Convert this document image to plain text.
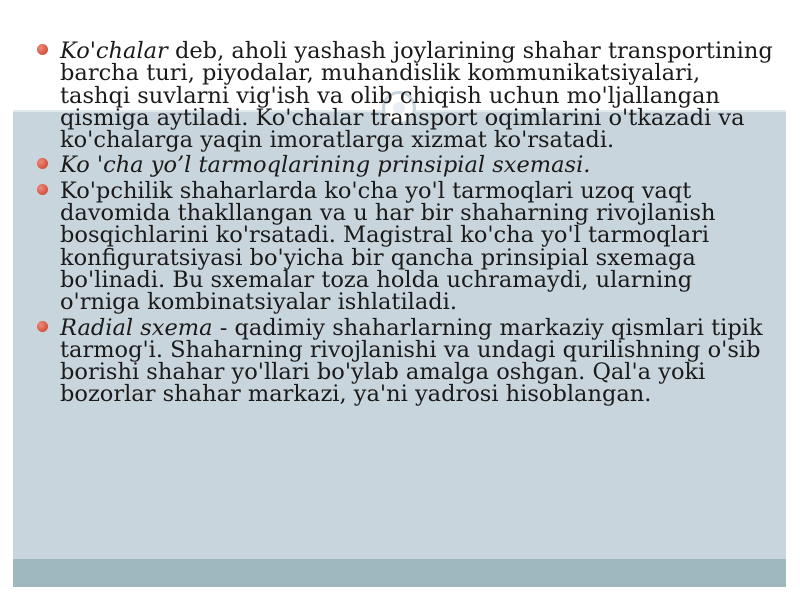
Ko'chalar deb, aholi yashash joylarining shahar transportining barcha turi, piyodalar, muhandislik kommunikatsiyalari, tashqi suvlarni vig'ish va olib chiqish uchun mo'ljallangan qismiga aytiladi. Ko'chalar transport oqimlarini o'tkazadi va ko'chalarga yaqin imoratlarga xizmat ko'rsatadi.
Ko 'cha yo’l tarmoqlarining prinsipial sxemasi.
Ko'pchilik shaharlarda ko'cha yo'l tarmoqlari uzoq vaqt davomida thakllangan va u har bir shaharning rivojlanish bosqichlarini ko'rsatadi. Magistral ko'cha yo'l tarmoqlari konfiguratsiyasi bo'yicha bir qancha prinsipial sxemaga bo'linadi. Bu sxemalar toza holda uchramaydi, ularning o'rniga kombinatsiyalar ishlatiladi.
Radial sxema - qadimiy shaharlarning markaziy qismlari tipik tarmog'i. Shaharning rivojlanishi va undagi qurilishning o'sib borishi shahar yo'llari bo'ylab amalga oshgan. Qal'a yoki bozorlar shahar markazi, ya'ni yadrosi hisoblangan.
